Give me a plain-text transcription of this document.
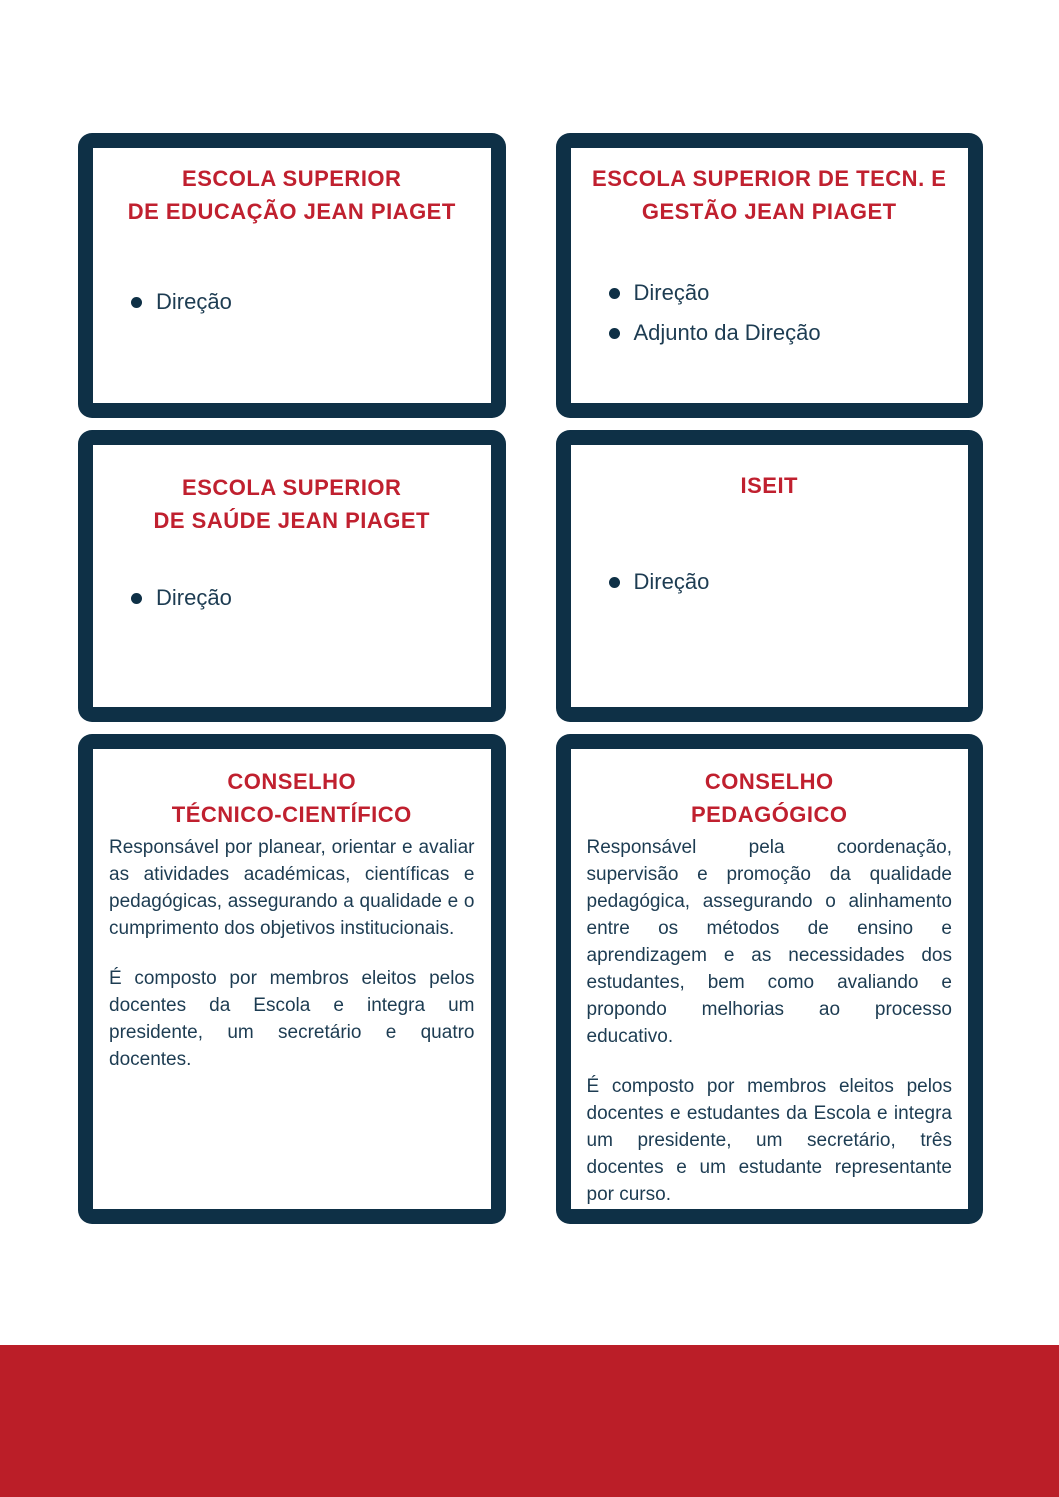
ESCOLA SUPERIOR
DE EDUCAÇÃO JEAN PIAGET
Direção
ESCOLA SUPERIOR DE TECN. E
GESTÃO JEAN PIAGET
Direção
Adjunto da Direção
ESCOLA SUPERIOR
DE SAÚDE JEAN PIAGET
Direção
ISEIT
Direção
CONSELHO
TÉCNICO-CIENTÍFICO

Responsável por planear, orientar e avaliar as atividades académicas, científicas e pedagógicas, assegurando a qualidade e o cumprimento dos objetivos institucionais.

É composto por membros eleitos pelos docentes da Escola e integra um presidente, um secretário e quatro docentes.

CONSELHO
PEDAGÓGICO

Responsável pela coordenação, supervisão e promoção da qualidade pedagógica, assegurando o alinhamento entre os métodos de ensino e aprendizagem e as necessidades dos estudantes, bem como avaliando e propondo melhorias ao processo educativo.

É composto por membros eleitos pelos docentes e estudantes da Escola e integra um presidente, um secretário, três docentes e um estudante representante por curso.
